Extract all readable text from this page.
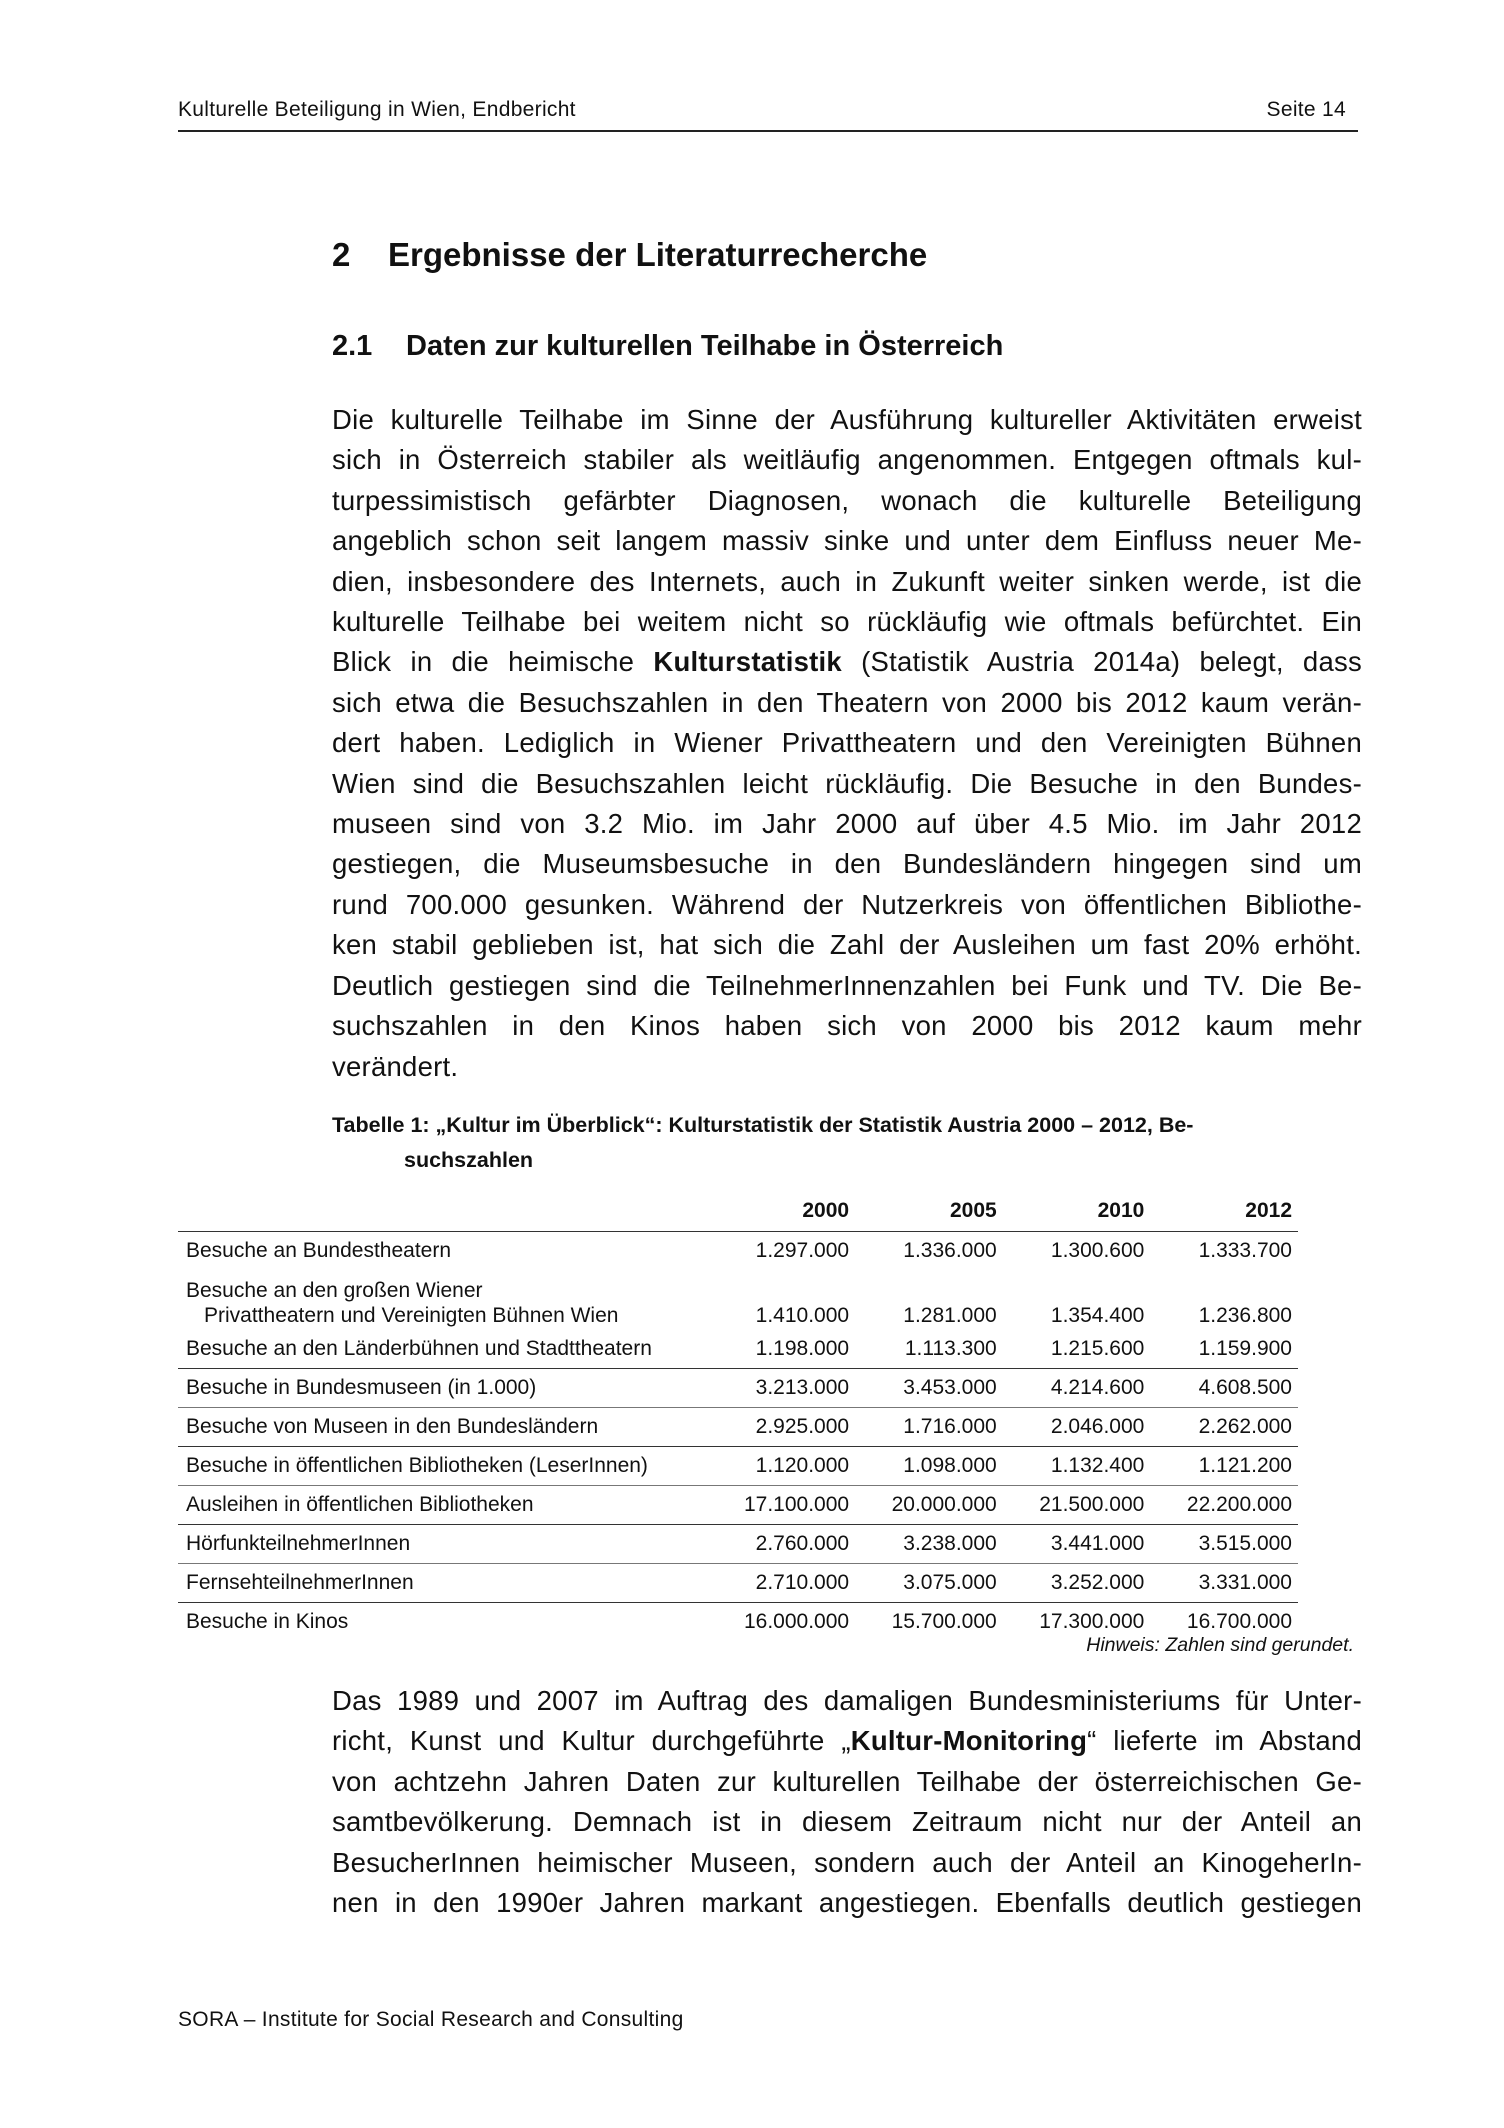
Kulturelle Beteiligung in Wien, Endbericht	Seite 14
2 Ergebnisse der Literaturrecherche
2.1 Daten zur kulturellen Teilhabe in Österreich
Die kulturelle Teilhabe im Sinne der Ausführung kultureller Aktivitäten erweist
sich in Österreich stabiler als weitläufig angenommen. Entgegen oftmals kul-
turpessimistisch gefärbter Diagnosen, wonach die kulturelle Beteiligung
angeblich schon seit langem massiv sinke und unter dem Einfluss neuer Me-
dien, insbesondere des Internets, auch in Zukunft weiter sinken werde, ist die
kulturelle Teilhabe bei weitem nicht so rückläufig wie oftmals befürchtet. Ein
Blick in die heimische Kulturstatistik (Statistik Austria 2014a) belegt, dass
sich etwa die Besuchszahlen in den Theatern von 2000 bis 2012 kaum verän-
dert haben. Lediglich in Wiener Privattheatern und den Vereinigten Bühnen
Wien sind die Besuchszahlen leicht rückläufig. Die Besuche in den Bundes-
museen sind von 3.2 Mio. im Jahr 2000 auf über 4.5 Mio. im Jahr 2012
gestiegen, die Museumsbesuche in den Bundesländern hingegen sind um
rund 700.000 gesunken. Während der Nutzerkreis von öffentlichen Bibliothe-
ken stabil geblieben ist, hat sich die Zahl der Ausleihen um fast 20% erhöht.
Deutlich gestiegen sind die TeilnehmerInnenzahlen bei Funk und TV. Die Be-
suchszahlen in den Kinos haben sich von 2000 bis 2012 kaum mehr
verändert.
Tabelle 1: „Kultur im Überblick“: Kulturstatistik der Statistik Austria 2000 – 2012, Be-
suchszahlen
	2000	2005	2010	2012
Besuche an Bundestheatern	1.297.000	1.336.000	1.300.600	1.333.700
Besuche an den großen Wiener
Privattheatern und Vereinigten Bühnen Wien	1.410.000	1.281.000	1.354.400	1.236.800
Besuche an den Länderbühnen und Stadttheatern	1.198.000	1.113.300	1.215.600	1.159.900
Besuche in Bundesmuseen (in 1.000)	3.213.000	3.453.000	4.214.600	4.608.500
Besuche von Museen in den Bundesländern	2.925.000	1.716.000	2.046.000	2.262.000
Besuche in öffentlichen Bibliotheken (LeserInnen)	1.120.000	1.098.000	1.132.400	1.121.200
Ausleihen in öffentlichen Bibliotheken	17.100.000	20.000.000	21.500.000	22.200.000
HörfunkteilnehmerInnen	2.760.000	3.238.000	3.441.000	3.515.000
FernsehteilnehmerInnen	2.710.000	3.075.000	3.252.000	3.331.000
Besuche in Kinos	16.000.000	15.700.000	17.300.000	16.700.000
Hinweis: Zahlen sind gerundet.
Das 1989 und 2007 im Auftrag des damaligen Bundesministeriums für Unter-
richt, Kunst und Kultur durchgeführte „Kultur-Monitoring“ lieferte im Abstand
von achtzehn Jahren Daten zur kulturellen Teilhabe der österreichischen Ge-
samtbevölkerung. Demnach ist in diesem Zeitraum nicht nur der Anteil an
BesucherInnen heimischer Museen, sondern auch der Anteil an KinogeherIn-
nen in den 1990er Jahren markant angestiegen. Ebenfalls deutlich gestiegen
SORA – Institute for Social Research and Consulting
